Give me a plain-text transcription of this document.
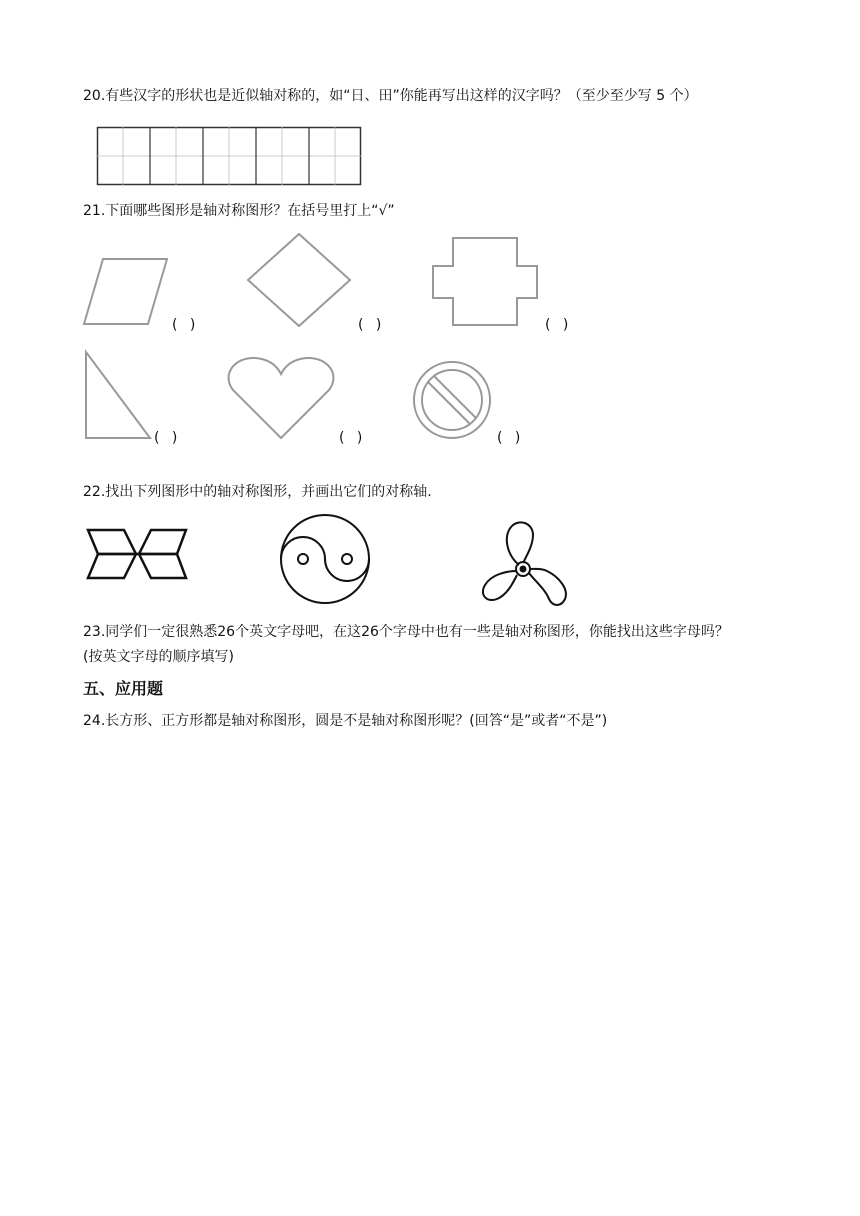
20.有些汉字的形状也是近似轴对称的，如“日、田”你能再写出这样的汉字吗？（至少至少写 5 个）
21.下面哪些图形是轴对称图形？在括号里打上“√”
( )	( )	( )
( )	( )	( )
22.找出下列图形中的轴对称图形，并画出它们的对称轴.
23.同学们一定很熟悉26个英文字母吧，在这26个字母中也有一些是轴对称图形，你能找出这些字母吗？
(按英文字母的顺序填写)
五、应用题
24.长方形、正方形都是轴对称图形，圆是不是轴对称图形呢？(回答“是”或者“不是”)
